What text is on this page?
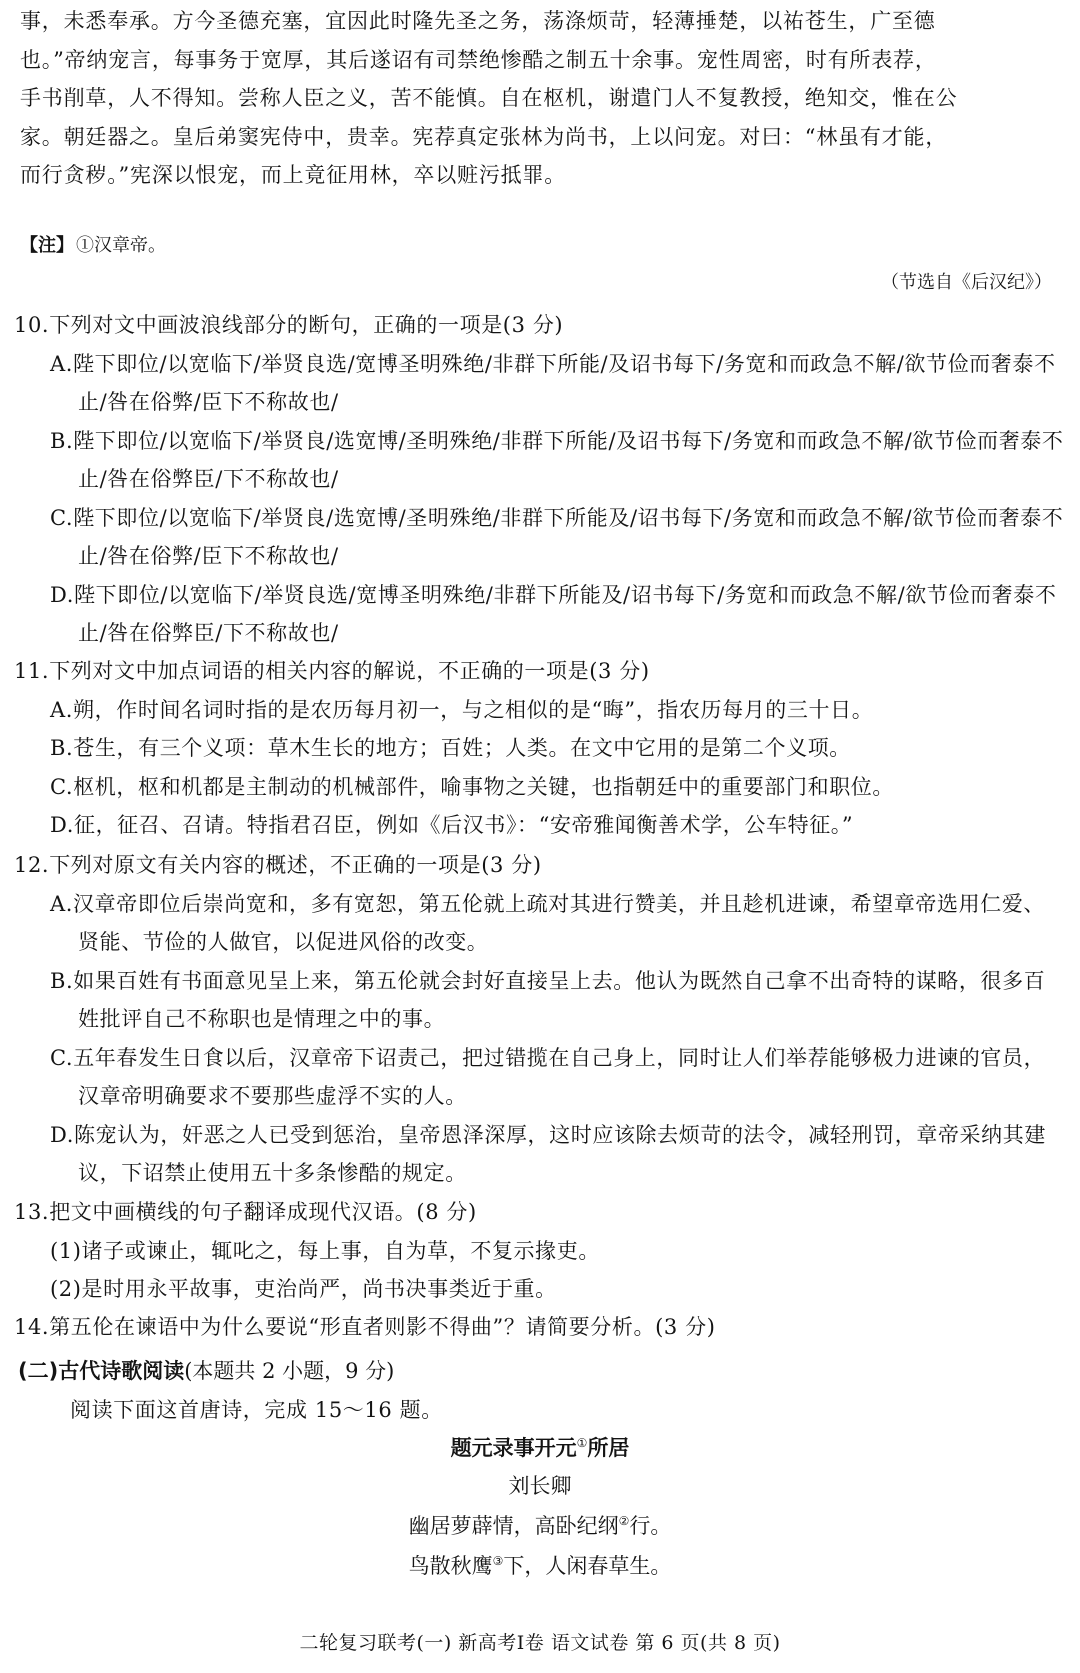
事，未悉奉承。方今圣德充塞，宜因此时隆先圣之务，荡涤烦苛，轻薄捶楚，以祐苍生，广至德

也。”帝纳宠言，每事务于宽厚，其后遂诏有司禁绝惨酷之制五十余事。宠性周密，时有所表荐，

手书削草，人不得知。尝称人臣之义，苦不能慎。自在枢机，谢遣门人不复教授，绝知交，惟在公

家。朝廷器之。皇后弟窦宪侍中，贵幸。宪荐真定张林为尚书，上以问宠。对曰：“林虽有才能，

而行贪秽。”宪深以恨宠，而上竟征用林，卒以赃污抵罪。

【注】 ①汉章帝。
（节选自《后汉纪》）

10.下列对文中画波浪线部分的断句，正确的一项是(3 分)

A.陛下即位/以宽临下/举贤良选/宽博圣明殊绝/非群下所能/及诏书每下/务宽和而政急不解/欲节俭而奢泰不止/咎在俗弊/臣下不称故也/

B.陛下即位/以宽临下/举贤良/选宽博/圣明殊绝/非群下所能/及诏书每下/务宽和而政急不解/欲节俭而奢泰不止/咎在俗弊臣/下不称故也/

C.陛下即位/以宽临下/举贤良/选宽博/圣明殊绝/非群下所能及/诏书每下/务宽和而政急不解/欲节俭而奢泰不止/咎在俗弊/臣下不称故也/

D.陛下即位/以宽临下/举贤良选/宽博圣明殊绝/非群下所能及/诏书每下/务宽和而政急不解/欲节俭而奢泰不止/咎在俗弊臣/下不称故也/

11.下列对文中加点词语的相关内容的解说，不正确的一项是(3 分)

A.朔，作时间名词时指的是农历每月初一，与之相似的是“晦”，指农历每月的三十日。

B.苍生，有三个义项：草木生长的地方；百姓；人类。在文中它用的是第二个义项。

C.枢机，枢和机都是主制动的机械部件，喻事物之关键，也指朝廷中的重要部门和职位。

D.征，征召、召请。特指君召臣，例如《后汉书》：“安帝雅闻衡善术学，公车特征。”

12.下列对原文有关内容的概述，不正确的一项是(3 分)

A.汉章帝即位后崇尚宽和，多有宽恕，第五伦就上疏对其进行赞美，并且趁机进谏，希望章帝选用仁爱、贤能、节俭的人做官，以促进风俗的改变。

B.如果百姓有书面意见呈上来，第五伦就会封好直接呈上去。他认为既然自己拿不出奇特的谋略，很多百姓批评自己不称职也是情理之中的事。

C.五年春发生日食以后，汉章帝下诏责己，把过错揽在自己身上，同时让人们举荐能够极力进谏的官员，汉章帝明确要求不要那些虚浮不实的人。

D.陈宠认为，奸恶之人已受到惩治，皇帝恩泽深厚，这时应该除去烦苛的法令，减轻刑罚，章帝采纳其建议，下诏禁止使用五十多条惨酷的规定。

13.把文中画横线的句子翻译成现代汉语。(8 分)

(1)诸子或谏止，辄叱之，每上事，自为草，不复示掾吏。

(2)是时用永平故事，吏治尚严，尚书决事类近于重。

14.第五伦在谏语中为什么要说“形直者则影不得曲”？请简要分析。(3 分)

(二)古代诗歌阅读(本题共 2 小题，9 分)
阅读下面这首唐诗，完成 15～16 题。
题元录事开元①所居
刘长卿
幽居萝薜情，高卧纪纲②行。
鸟散秋鹰③下，人闲春草生。
二轮复习联考(一) 新高考Ⅰ卷 语文试卷 第 6 页(共 8 页)
